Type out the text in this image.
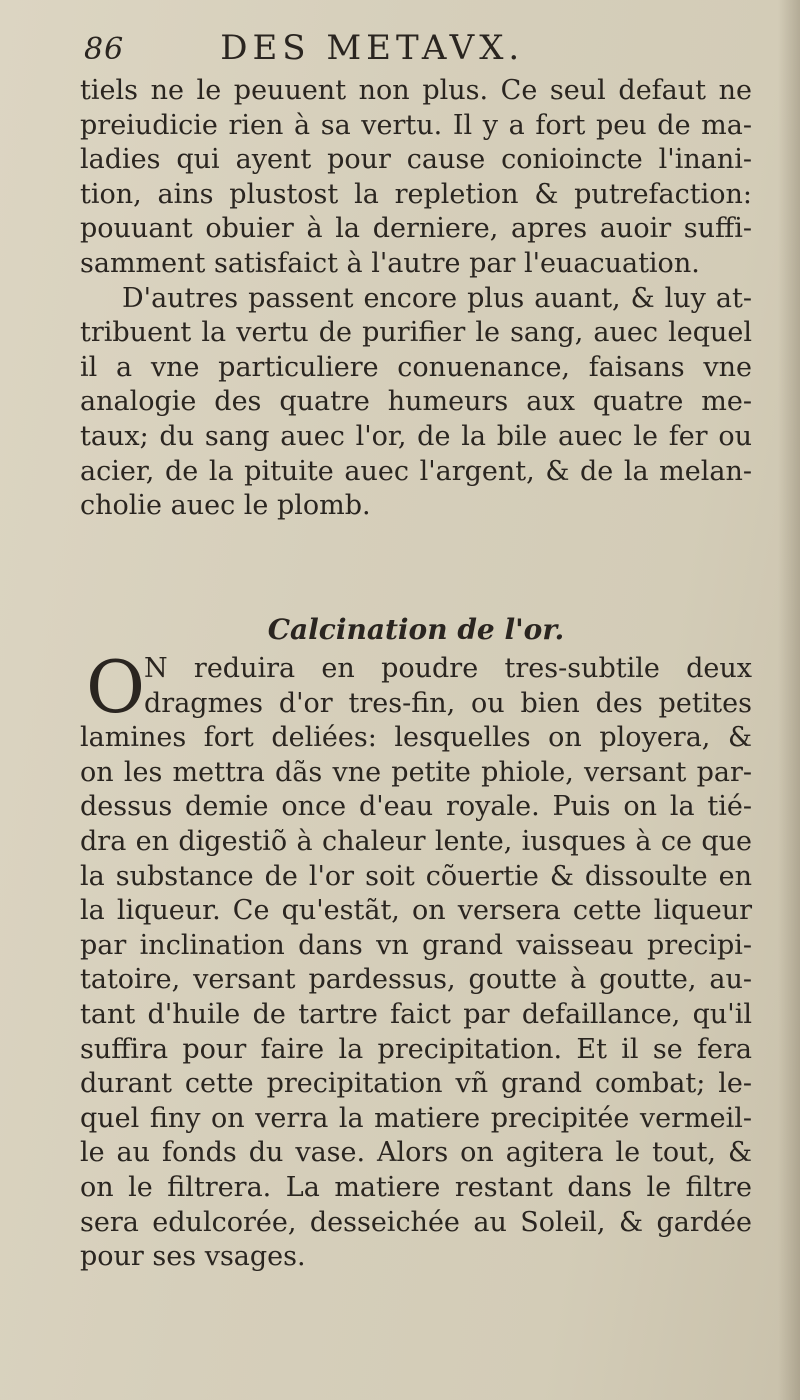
86	DES METAVX.
tiels ne le peuuent non plus. Ce seul defaut ne
preiudicie rien à sa vertu. Il y a fort peu de ma-
ladies qui ayent pour cause conioincte l'inani-
tion, ains plustost la repletion & putrefaction:
pouuant obuier à la derniere, apres auoir suffi-
samment satisfaict à l'autre par l'euacuation.
D'autres passent encore plus auant, & luy at-
tribuent la vertu de purifier le sang, auec lequel
il a vne particuliere conuenance, faisans vne
analogie des quatre humeurs aux quatre me-
taux; du sang auec l'or, de la bile auec le fer ou
acier, de la pituite auec l'argent, & de la melan-
cholie auec le plomb.
Calcination de l'or.
O
N reduira en poudre tres-subtile deux
dragmes d'or tres-fin, ou bien des petites
lamines fort deliées: lesquelles on ployera, &
on les mettra dãs vne petite phiole, versant par-
dessus demie once d'eau royale. Puis on la tié-
dra en digestiõ à chaleur lente, iusques à ce que
la substance de l'or soit cõuertie & dissoulte en
la liqueur. Ce qu'estãt, on versera cette liqueur
par inclination dans vn grand vaisseau precipi-
tatoire, versant pardessus, goutte à goutte, au-
tant d'huile de tartre faict par defaillance, qu'il
suffira pour faire la precipitation. Et il se fera
durant cette precipitation vñ grand combat; le-
quel finy on verra la matiere precipitée vermeil-
le au fonds du vase. Alors on agitera le tout, &
on le filtrera. La matiere restant dans le filtre
sera edulcorée, desseichée au Soleil, & gardée
pour ses vsages.
